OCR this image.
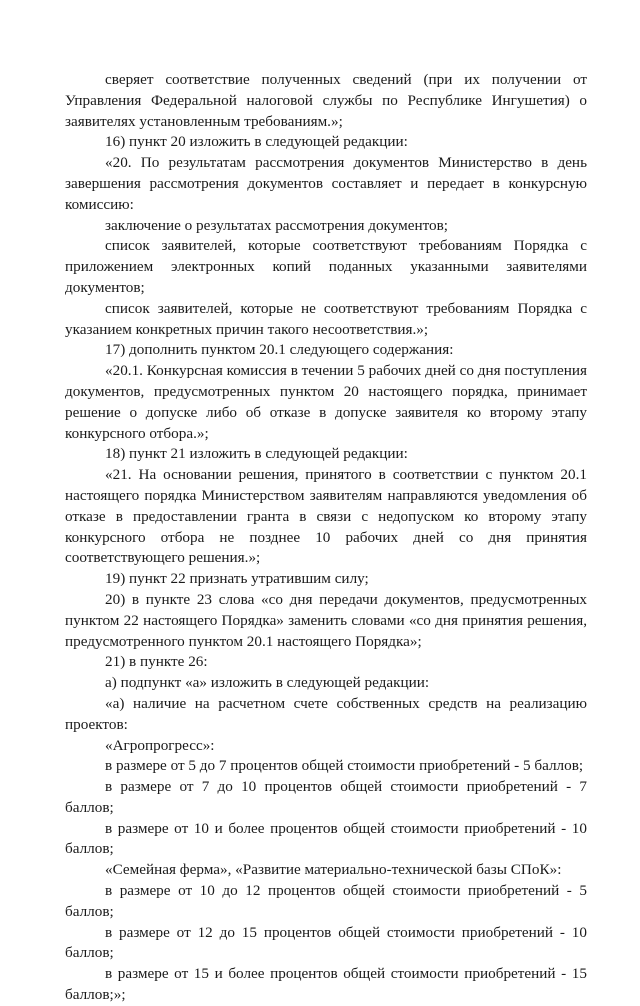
сверяет соответствие полученных сведений (при их получении от Управления Федеральной налоговой службы по Республике Ингушетия) о заявителях установленным требованиям.»;

16) пункт 20 изложить в следующей редакции:

«20. По результатам рассмотрения документов Министерство в день завершения рассмотрения документов составляет и передает в конкурсную комиссию:

заключение о результатах рассмотрения документов;

список заявителей, которые соответствуют требованиям Порядка с приложением электронных копий поданных указанными заявителями документов;

список заявителей, которые не соответствуют требованиям Порядка с указанием конкретных причин такого несоответствия.»;

17) дополнить пунктом 20.1 следующего содержания:

«20.1. Конкурсная комиссия в течении 5 рабочих дней со дня поступления документов, предусмотренных пунктом 20 настоящего порядка, принимает решение о допуске либо об отказе в допуске заявителя ко второму этапу конкурсного отбора.»;

18) пункт 21 изложить в следующей редакции:

«21. На основании решения, принятого в соответствии с пунктом 20.1 настоящего порядка Министерством заявителям направляются уведомления об отказе в предоставлении гранта в связи с недопуском ко второму этапу конкурсного отбора не позднее 10 рабочих дней со дня принятия соответствующего решения.»;

19) пункт 22 признать утратившим силу;

20) в пункте 23 слова «со дня передачи документов, предусмотренных пунктом 22 настоящего Порядка» заменить словами «со дня принятия решения, предусмотренного пунктом 20.1 настоящего Порядка»;

21) в пункте 26:

а) подпункт «а» изложить в следующей редакции:

«а) наличие на расчетном счете собственных средств на реализацию проектов:

«Агропрогресс»:

в размере от 5 до 7 процентов общей стоимости приобретений - 5 баллов;

в размере от 7 до 10 процентов общей стоимости приобретений - 7 баллов;

в размере от 10 и более процентов общей стоимости приобретений - 10 баллов;

«Семейная ферма», «Развитие материально-технической базы СПоК»:

в размере от 10 до 12 процентов общей стоимости приобретений - 5 баллов;

в размере от 12 до 15 процентов общей стоимости приобретений - 10 баллов;

в размере от 15 и более процентов общей стоимости приобретений - 15 баллов;»;
